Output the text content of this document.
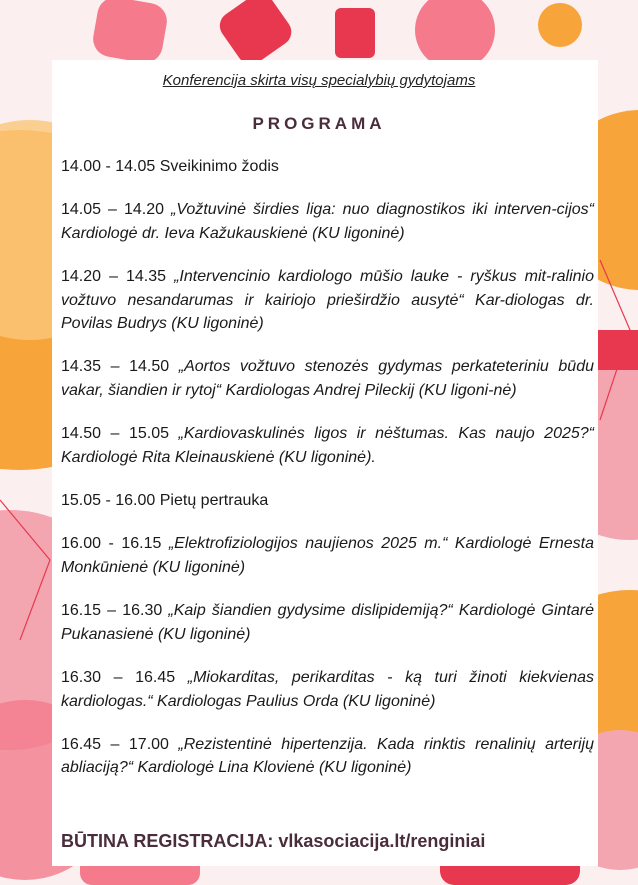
Konferencija skirta visų specialybių gydytojams
PROGRAMA
14.00 - 14.05 Sveikinimo žodis
14.05 – 14.20 „Vožtuvinė širdies liga: nuo diagnostikos iki interven-cijos“ Kardiologė dr. Ieva Kažukauskienė (KU ligoninė)
14.20 – 14.35 „Intervencinio kardiologo mūšio lauke - ryškus mit-ralinio vožtuvo nesandarumas ir kairiojo prieširdžio ausytė“ Kar-diologas dr. Povilas Budrys (KU ligoninė)
14.35 – 14.50 „Aortos vožtuvo stenozės gydymas perkateteriniu būdu vakar, šiandien ir rytoj“ Kardiologas Andrej Pileckij (KU ligoni-nė)
14.50 – 15.05 „Kardiovaskulinės ligos ir nėštumas. Kas naujo 2025?“ Kardiologė Rita Kleinauskienė (KU ligoninė).
15.05 - 16.00 Pietų pertrauka
16.00 - 16.15 „Elektrofiziologijos naujienos 2025 m.“ Kardiologė Ernesta Monkūnienė (KU ligoninė)
16.15 – 16.30 „Kaip šiandien gydysime dislipidemiją?“ Kardiologė Gintarė Pukanasienė (KU ligoninė)
16.30 – 16.45 „Miokarditas, perikarditas - ką turi žinoti kiekvienas kardiologas.“ Kardiologas Paulius Orda (KU ligoninė)
16.45 – 17.00 „Rezistentinė hipertenzija. Kada rinktis renalinių arterijų abliaciją?“ Kardiologė Lina Klovienė (KU ligoninė)
BŪTINA REGISTRACIJA: vlkasociacija.lt/renginiai
